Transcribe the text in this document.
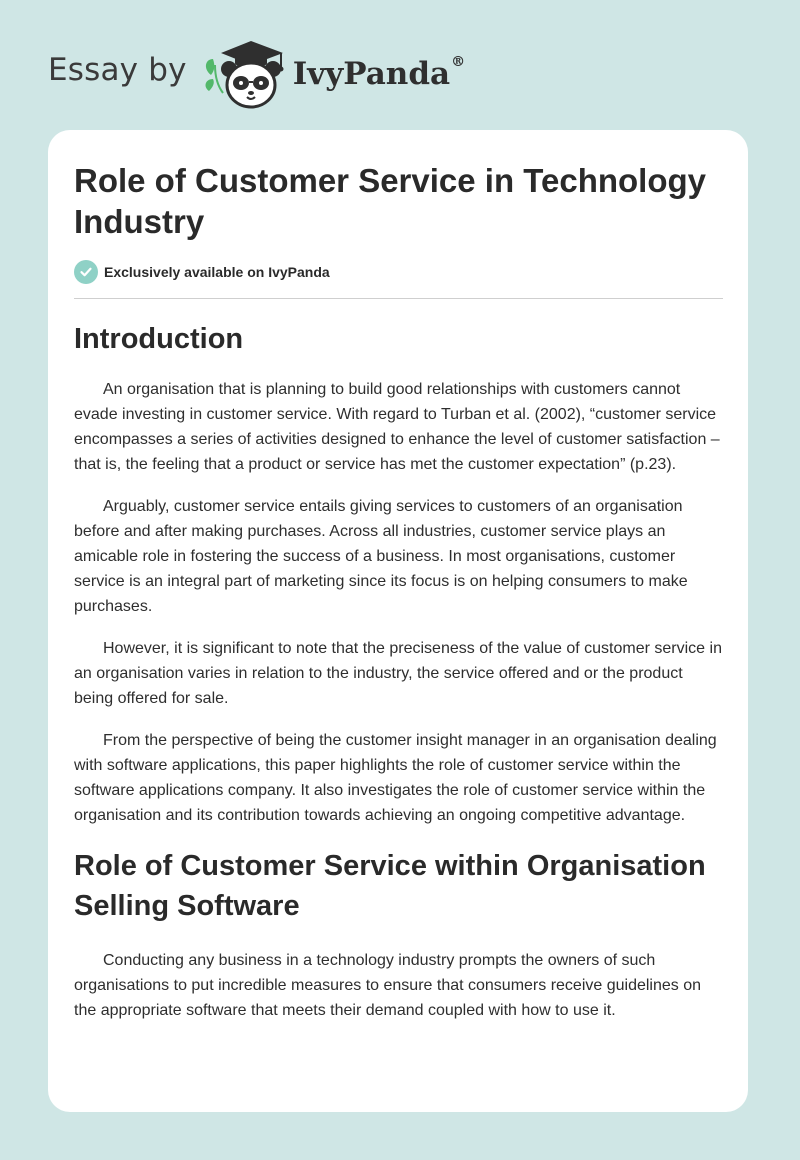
Essay by	IvyPanda®
Role of Customer Service in Technology Industry
Exclusively available on IvyPanda
Introduction

An organisation that is planning to build good relationships with customers cannot evade investing in customer service. With regard to Turban et al. (2002), “customer service encompasses a series of activities designed to enhance the level of customer satisfaction – that is, the feeling that a product or service has met the customer expectation” (p.23).

Arguably, customer service entails giving services to customers of an organisation before and after making purchases. Across all industries, customer service plays an amicable role in fostering the success of a business. In most organisations, customer service is an integral part of marketing since its focus is on helping consumers to make purchases.

However, it is significant to note that the preciseness of the value of customer service in an organisation varies in relation to the industry, the service offered and or the product being offered for sale.

From the perspective of being the customer insight manager in an organisation dealing with software applications, this paper highlights the role of customer service within the software applications company. It also investigates the role of customer service within the organisation and its contribution towards achieving an ongoing competitive advantage.

Role of Customer Service within Organisation Selling Software

Conducting any business in a technology industry prompts the owners of such organisations to put incredible measures to ensure that consumers receive guidelines on the appropriate software that meets their demand coupled with how to use it.
